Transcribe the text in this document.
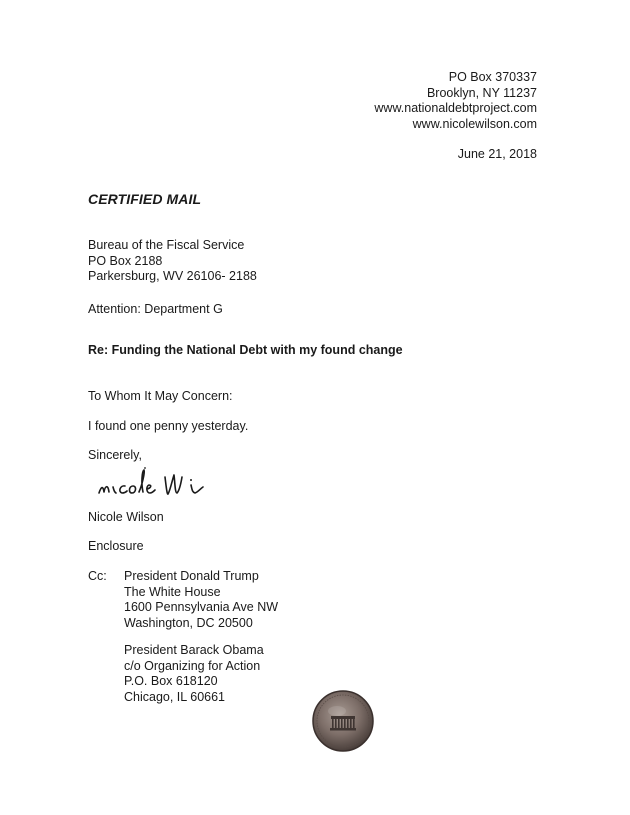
PO Box 370337
Brooklyn, NY 11237
www.nationaldebtproject.com
www.nicolewilson.com
June 21, 2018
CERTIFIED MAIL
Bureau of the Fiscal Service
PO Box 2188
Parkersburg, WV 26106- 2188
Attention: Department G
Re: Funding the National Debt with my found change
To Whom It May Concern:
I found one penny yesterday.
Sincerely,
nicole wi
Nicole Wilson
Enclosure
Cc: President Donald Trump
The White House
1600 Pennsylvania Ave NW
Washington, DC 20500
President Barack Obama
c/o Organizing for Action
P.O. Box 618120
Chicago, IL 60661
